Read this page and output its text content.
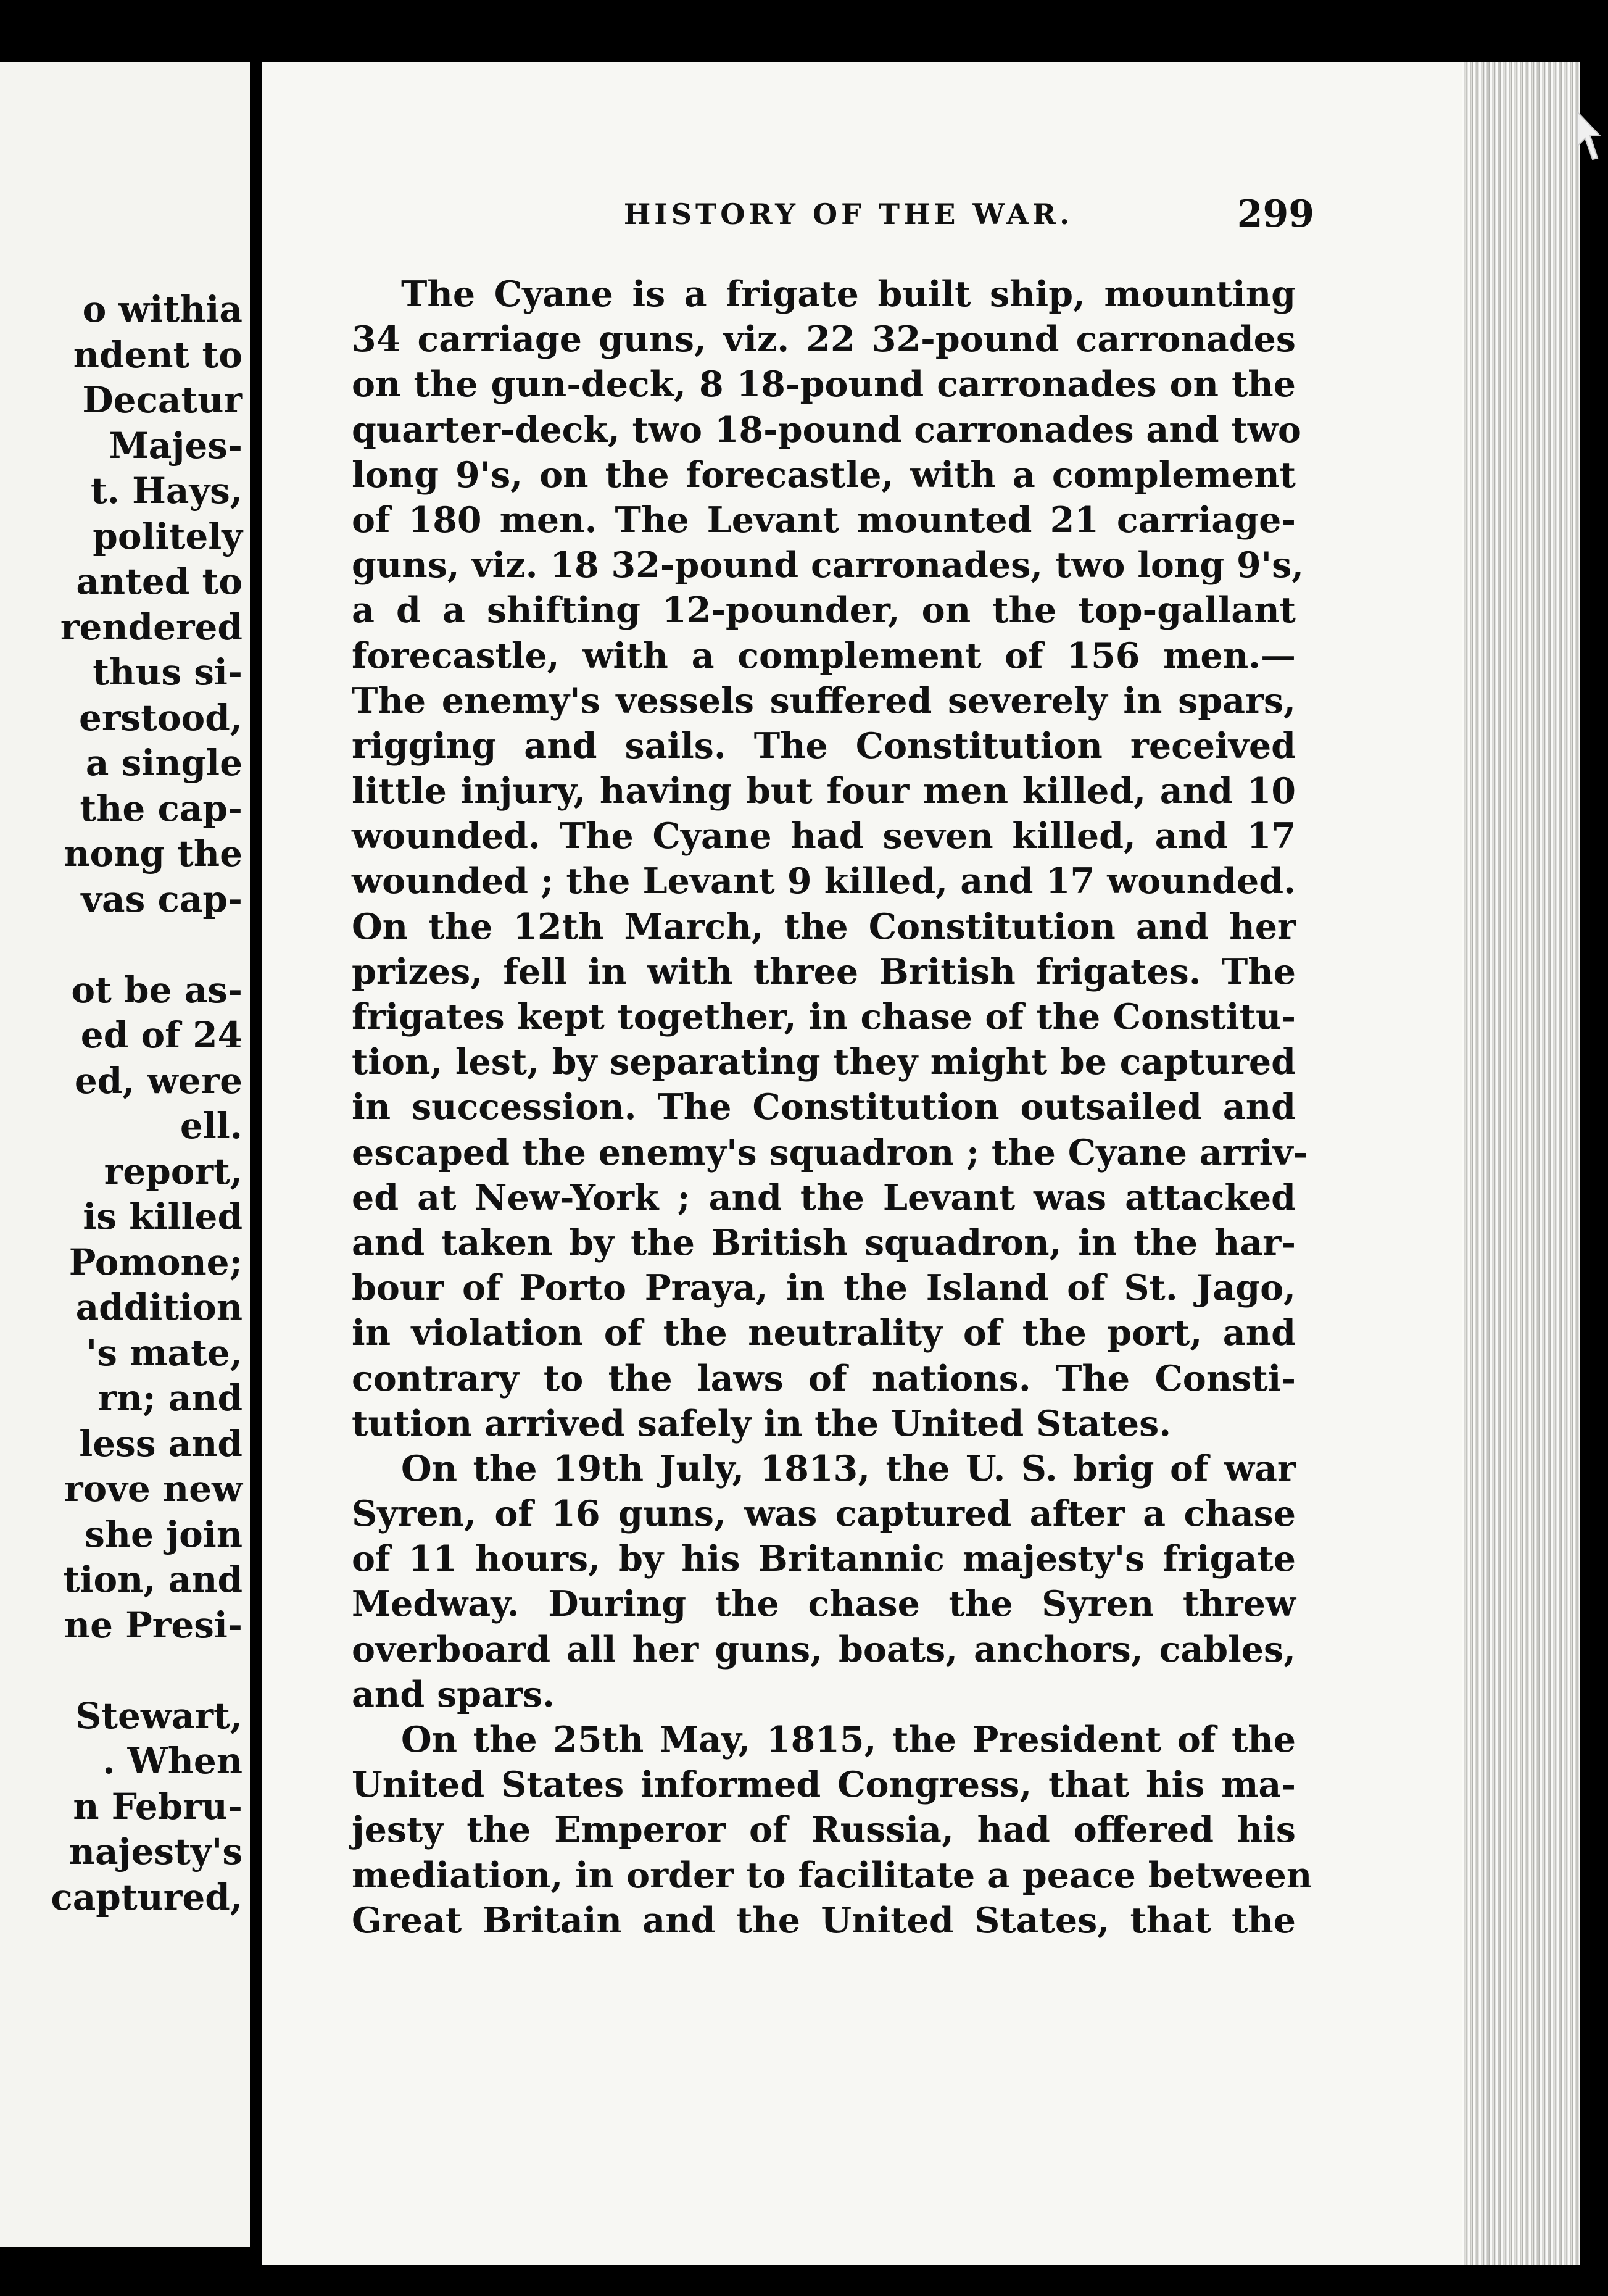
o withia
ndent to
Decatur
Majes-
t. Hays,
politely
anted to
rendered
thus si-
erstood,
a single
the cap-
nong the
vas cap-
ot be as-
ed of 24
ed, were
ell.
report,
is killed
Pomone;
addition
's mate,
rn; and
less and
rove new
she join
tion, and
ne Presi-
Stewart,
. When
n Febru-
najesty's
captured,
HISTORY OF THE WAR.	299
The Cyane is a frigate built ship, mounting
34 carriage guns, viz. 22 32-pound carronades
on the gun-deck, 8 18-pound carronades on the
quarter-deck, two 18-pound carronades and two
long 9's, on the forecastle, with a complement
of 180 men. The Levant mounted 21 carriage-
guns, viz. 18 32-pound carronades, two long 9's,
a d a shifting 12-pounder, on the top-gallant
forecastle, with a complement of 156 men.—
The enemy's vessels suffered severely in spars,
rigging and sails. The Constitution received
little injury, having but four men killed, and 10
wounded. The Cyane had seven killed, and 17
wounded ; the Levant 9 killed, and 17 wounded.
On the 12th March, the Constitution and her
prizes, fell in with three British frigates. The
frigates kept together, in chase of the Constitu-
tion, lest, by separating they might be captured
in succession. The Constitution outsailed and
escaped the enemy's squadron ; the Cyane arriv-
ed at New-York ; and the Levant was attacked
and taken by the British squadron, in the har-
bour of Porto Praya, in the Island of St. Jago,
in violation of the neutrality of the port, and
contrary to the laws of nations. The Consti-
tution arrived safely in the United States.
On the 19th July, 1813, the U. S. brig of war
Syren, of 16 guns, was captured after a chase
of 11 hours, by his Britannic majesty's frigate
Medway. During the chase the Syren threw
overboard all her guns, boats, anchors, cables,
and spars.
On the 25th May, 1815, the President of the
United States informed Congress, that his ma-
jesty the Emperor of Russia, had offered his
mediation, in order to facilitate a peace between
Great Britain and the United States, that the
